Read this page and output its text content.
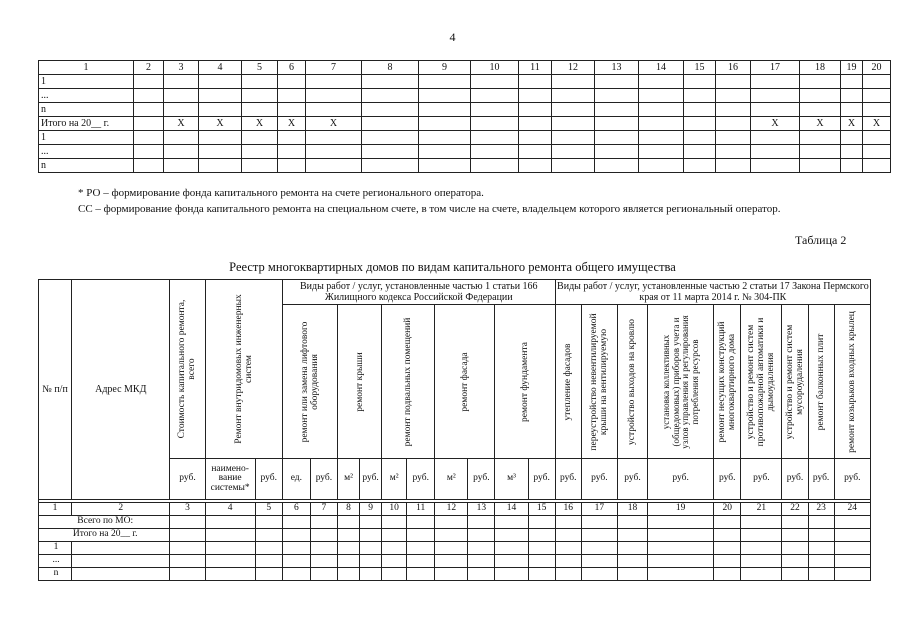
4
1	2	3	4	5	6	7	8	9	10	11	12	13	14	15	16	17	18	19	20
1																			
...																			
n																			
Итого на 20__ г.		Х	Х	Х	Х	Х										Х	Х	Х	Х
1																			
...																			
n																			
* РО – формирование фонда капитального ремонта на счете регионального оператора.
СС – формирование фонда капитального ремонта на специальном счете, в том числе на счете, владельцем которого является региональный оператор.
Таблица 2
Реестр многоквартирных домов по видам капитального ремонта общего имущества
№ п/п	Адрес МКД	Стоимость капитального ремонта, всего	Ремонт внутридомовых инженерных систем		Виды работ / услуг, установленные частью 1 статьи 166 Жилищного кодекса Российской Федерации										Виды работ / услуг, установленные частью 2 статьи 17 Закона Пермского края от 11 марта 2014 г. № 304-ПК								

					ремонт или замена лифтового оборудования		ремонт крыши		ремонт подвальных помещений		ремонт фасада		ремонт фундамента		утепление фасадов	переустройство невентилируемой крыши на вентилируемую	устройство выходов на кровлю	установка коллективных (общедомовых) приборов учета и узлов управления и регулирования потребления ресурсов	ремонт несущих конструкций многоквартирного дома	устройство и ремонт систем противопожарной автоматики и дымоудаления	устройство и ремонт систем мусороудаления	ремонт балконных плит	ремонт козырьков входных крылец

		руб.	наимено-вание системы*	руб.	ед.	руб.	м²	руб.	м²	руб.	м²	руб.	м³	руб.	руб.	руб.	руб.	руб.	руб.	руб.	руб.	руб.	руб.

1	2	3	4	5	6	7	8	9	10	11	12	13	14	15	16	17	18	19	20	21	22	23	24
Всего по МО:																							
Итого на 20__ г.																							
1																							
...																							
n																							
